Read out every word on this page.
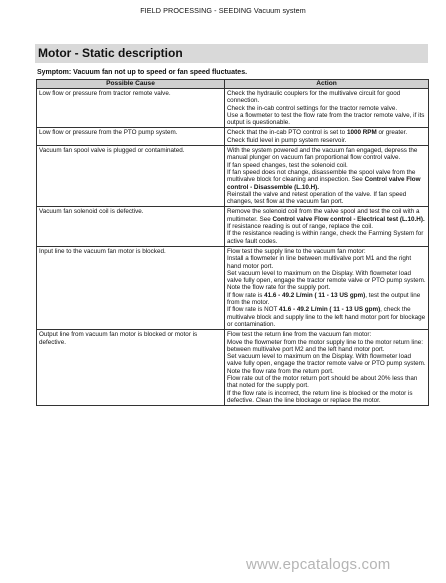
FIELD PROCESSING - SEEDING Vacuum system
Motor - Static description
Symptom: Vacuum fan not up to speed or fan speed fluctuates.
Possible Cause	Action
Low flow or pressure from tractor remote valve.	Check the hydraulic couplers for the multivalve circuit for good connection.
Check the in-cab control settings for the tractor remote valve.
Use a flowmeter to test the flow rate from the tractor remote valve, if its output is questionable.

Low flow or pressure from the PTO pump system.	Check that the in-cab PTO control is set to 1000 RPM or greater.
Check fluid level in pump system reservoir.

Vacuum fan spool valve is plugged or contaminated.	With the system powered and the vacuum fan engaged, depress the manual plunger on vacuum fan proportional flow control valve.
If fan speed changes, test the solenoid coil.
If fan speed does not change, disassemble the spool valve from the multivalve block for cleaning and inspection. See Control valve Flow control - Disassemble (L.10.H).
Reinstall the valve and retest operation of the valve. If fan speed changes, test flow at the vacuum fan port.

Vacuum fan solenoid coil is defective.	Remove the solenoid coil from the valve spool and test the coil with a multimeter. See Control valve Flow control - Electrical test (L.10.H).
If resistance reading is out of range, replace the coil.
If the resistance reading is within range, check the Farming System for active fault codes.

Input line to the vacuum fan motor is blocked.	Flow test the supply line to the vacuum fan motor:
Install a flowmeter in line between multivalve port M1 and the right hand motor port.
Set vacuum level to maximum on the Display. With flowmeter load valve fully open, engage the tractor remote valve or PTO pump system. Note the flow rate for the supply port.
If flow rate is 41.6 - 49.2 L/min ( 11 - 13 US gpm), test the output line from the motor.
If flow rate is NOT 41.6 - 49.2 L/min ( 11 - 13 US gpm), check the multivalve block and supply line to the left hand motor port for blockage or contamination.

Output line from vacuum fan motor is blocked or motor is defective.	Flow test the return line from the vacuum fan motor:
Move the flowmeter from the motor supply line to the motor return line: between multivalve port M2 and the left hand motor port.
Set vacuum level to maximum on the Display. With flowmeter load valve fully open, engage the tractor remote valve or PTO pump system. Note the flow rate from the return port.
Flow rate out of the motor return port should be about 20% less than that noted for the supply port.
If the flow rate is incorrect, the return line is blocked or the motor is defective. Clean the line blockage or replace the motor.
www.epcatalogs.com
